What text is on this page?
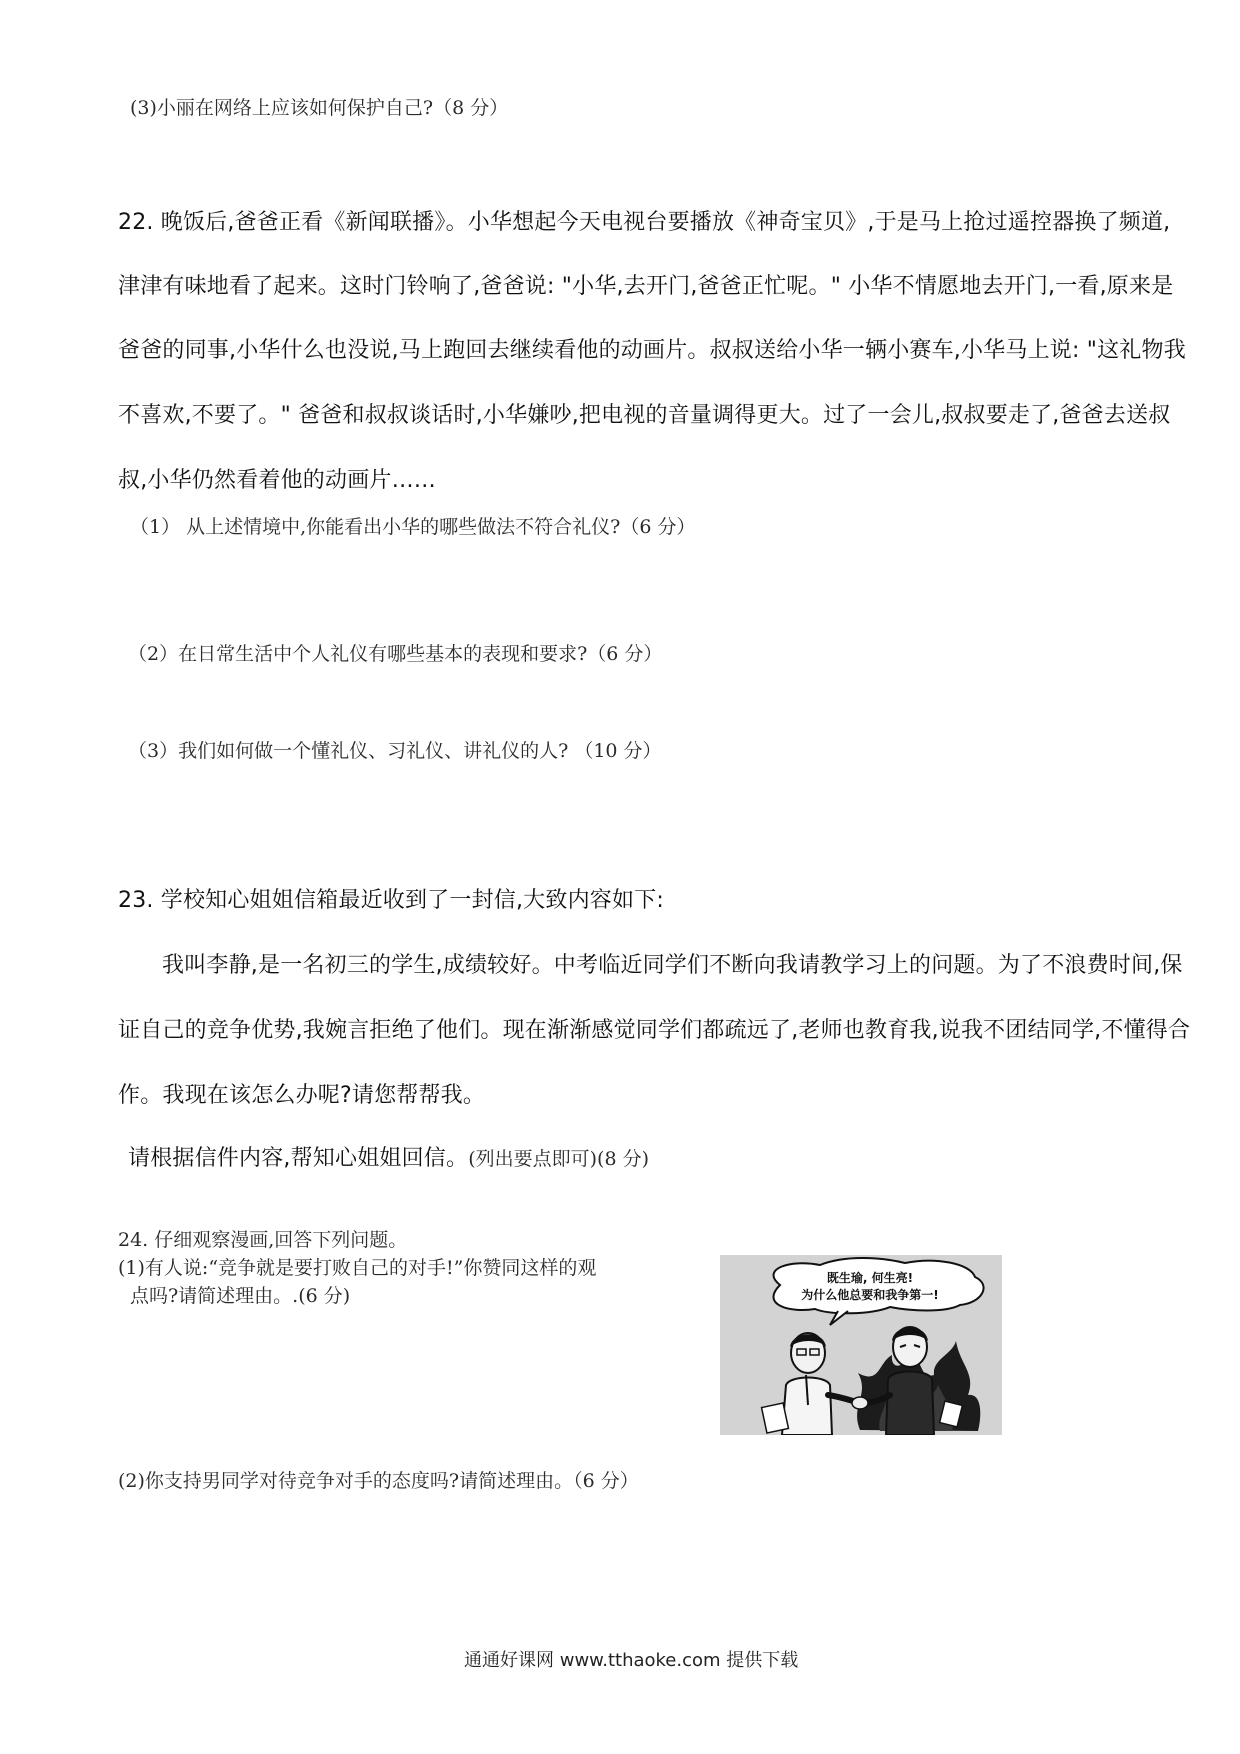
(3)小丽在网络上应该如何保护自己?（8 分）
22. 晚饭后,爸爸正看《新闻联播》。小华想起今天电视台要播放《神奇宝贝》,于是马上抢过遥控器换了频道,
津津有味地看了起来。这时门铃响了,爸爸说: "小华,去开门,爸爸正忙呢。" 小华不情愿地去开门,一看,原来是
爸爸的同事,小华什么也没说,马上跑回去继续看他的动画片。叔叔送给小华一辆小赛车,小华马上说: "这礼物我
不喜欢,不要了。" 爸爸和叔叔谈话时,小华嫌吵,把电视的音量调得更大。过了一会儿,叔叔要走了,爸爸去送叔
叔,小华仍然看着他的动画片……
（1） 从上述情境中,你能看出小华的哪些做法不符合礼仪?（6 分）
（2）在日常生活中个人礼仪有哪些基本的表现和要求?（6 分）
（3）我们如何做一个懂礼仪、习礼仪、讲礼仪的人? （10 分）
23. 学校知心姐姐信箱最近收到了一封信,大致内容如下:
我叫李静,是一名初三的学生,成绩较好。中考临近同学们不断向我请教学习上的问题。为了不浪费时间,保
证自己的竞争优势,我婉言拒绝了他们。现在渐渐感觉同学们都疏远了,老师也教育我,说我不团结同学,不懂得合
作。我现在该怎么办呢?请您帮帮我。
请根据信件内容,帮知心姐姐回信。(列出要点即可)(8 分)
24. 仔细观察漫画,回答下列问题。
(1)有人说:“竞争就是要打败自己的对手!”你赞同这样的观
点吗?请简述理由。.(6 分)
既生瑜, 何生亮!
为什么他总要和我争第一!
(2)你支持男同学对待竞争对手的态度吗?请简述理由。（6 分）
通通好课网 www.tthaoke.com 提供下载
